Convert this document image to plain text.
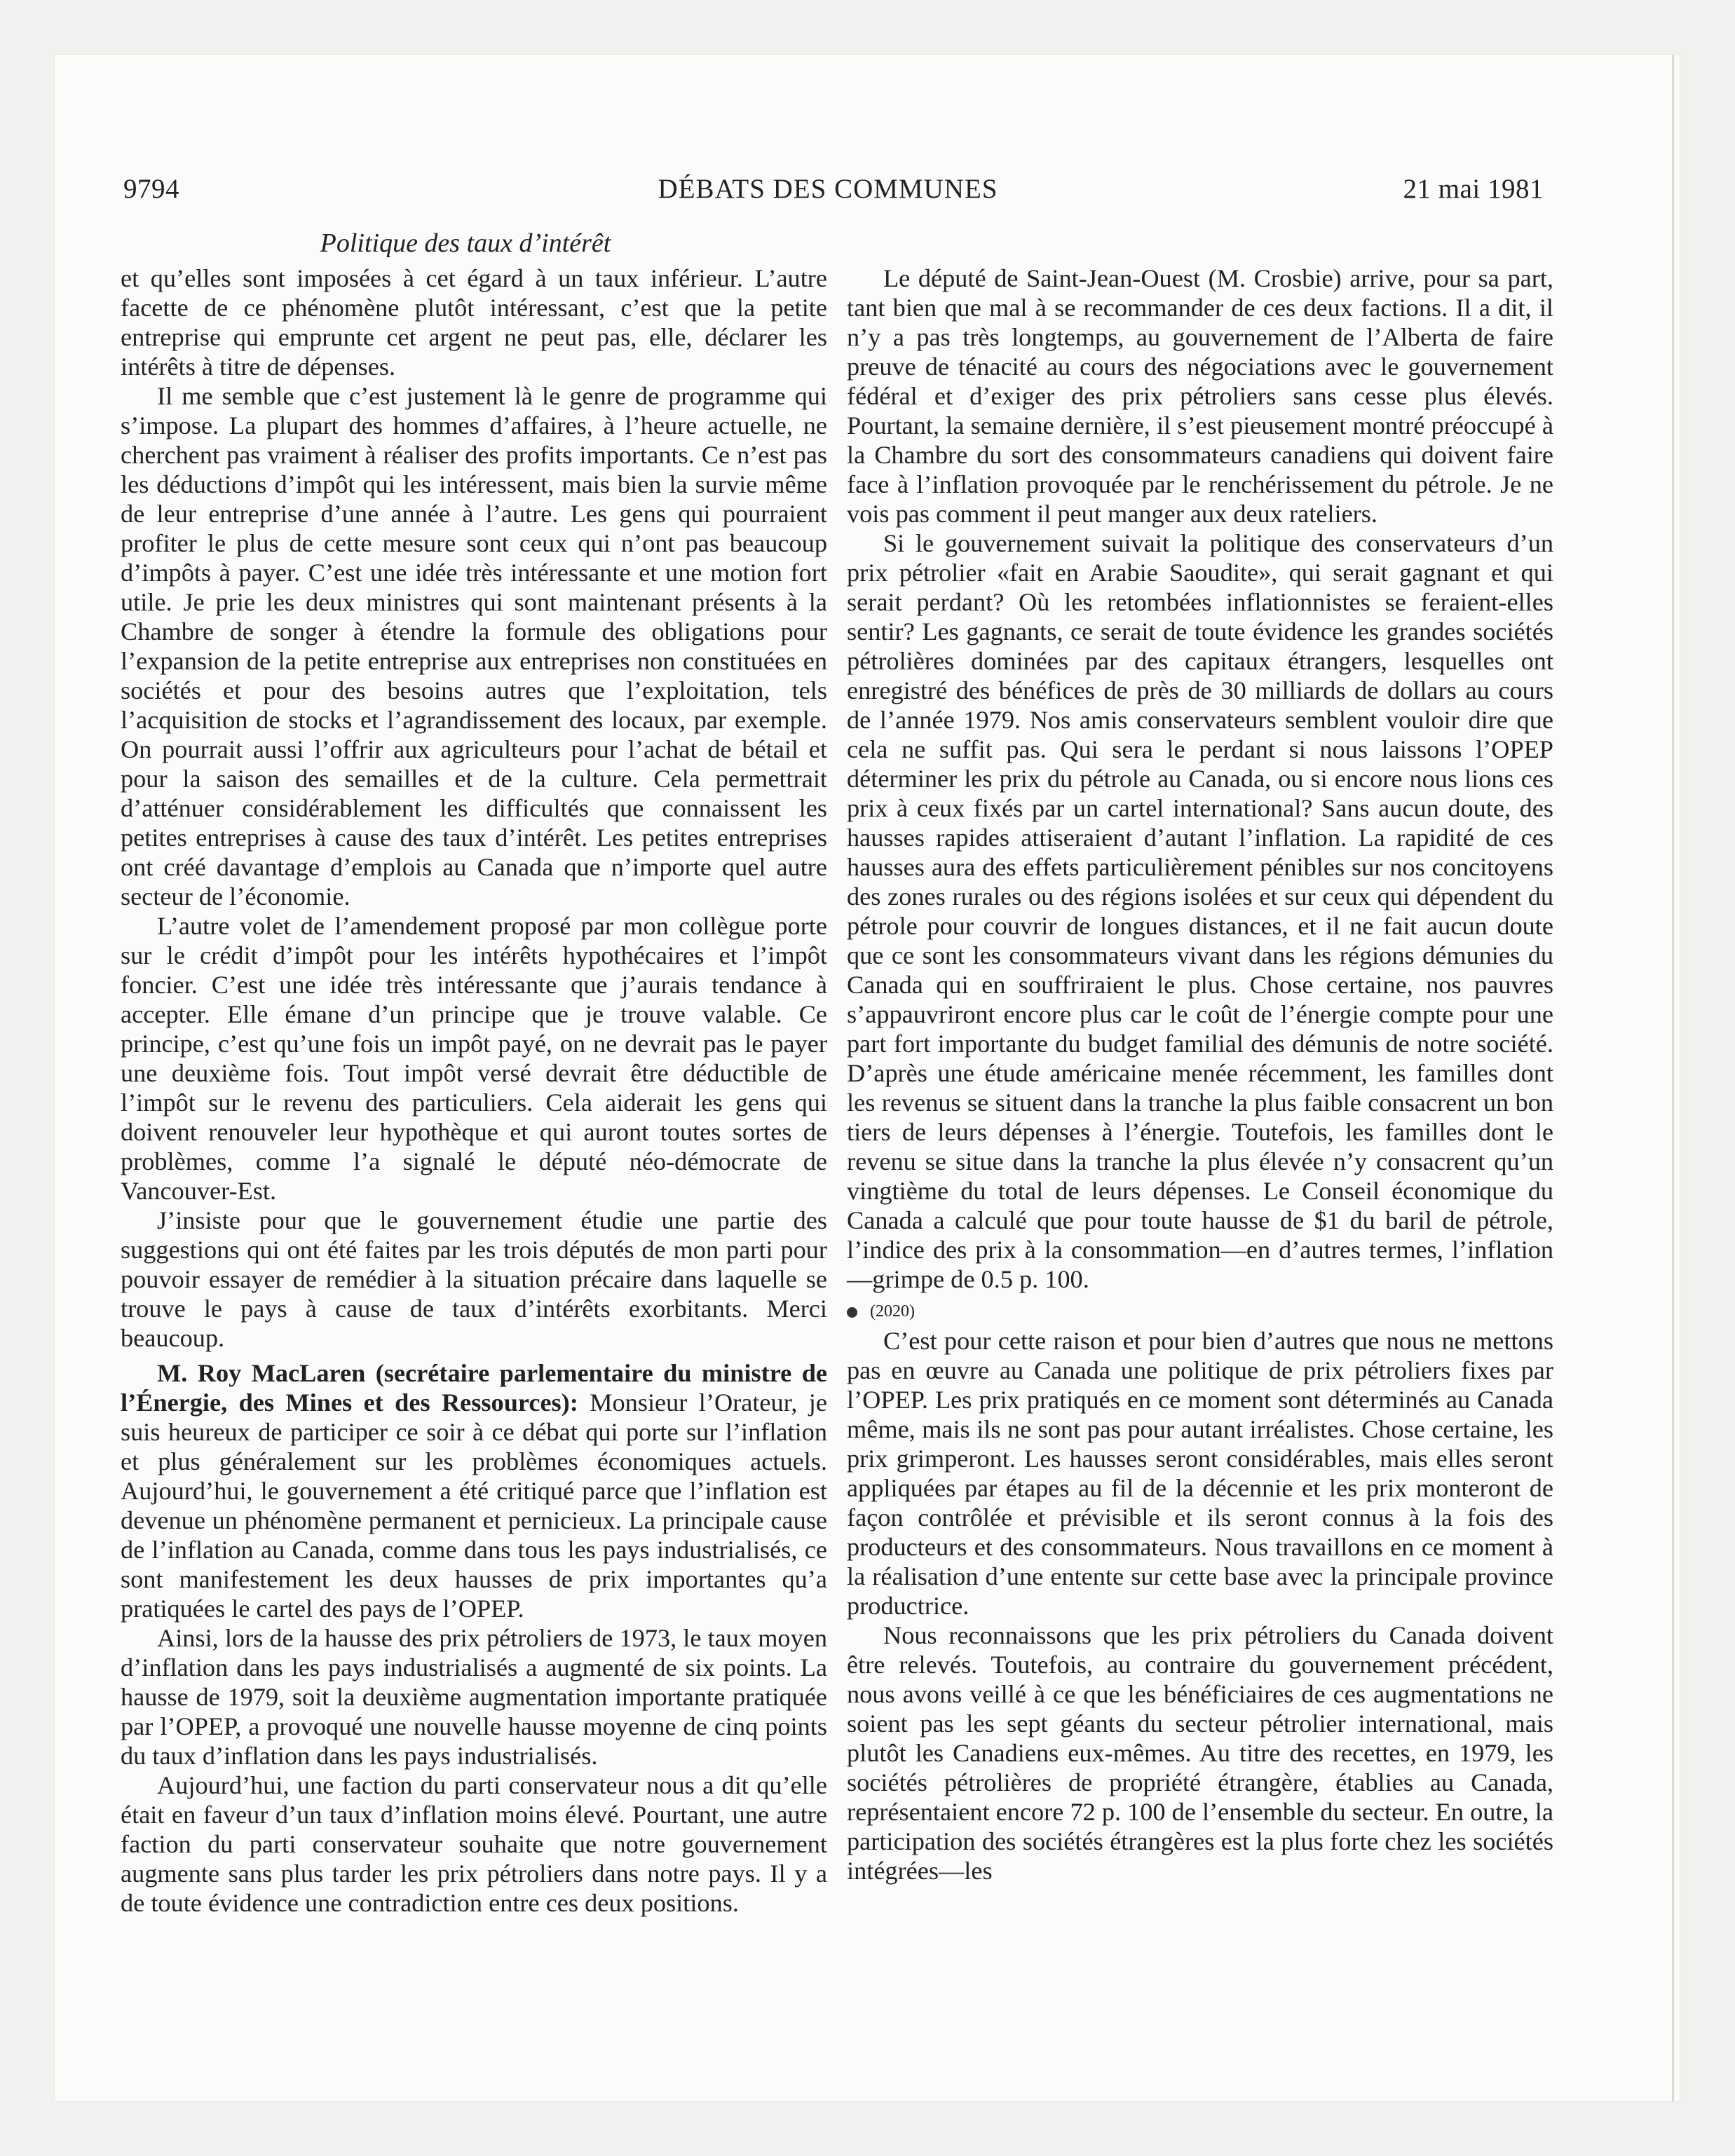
9794	DÉBATS DES COMMUNES	21 mai 1981
Politique des taux d’intérêt

et qu’elles sont imposées à cet égard à un taux inférieur. L’autre facette de ce phénomène plutôt intéressant, c’est que la petite entreprise qui emprunte cet argent ne peut pas, elle, déclarer les intérêts à titre de dépenses.

Il me semble que c’est justement là le genre de programme qui s’impose. La plupart des hommes d’affaires, à l’heure actuelle, ne cherchent pas vraiment à réaliser des profits importants. Ce n’est pas les déductions d’impôt qui les intéressent, mais bien la survie même de leur entreprise d’une année à l’autre. Les gens qui pourraient profiter le plus de cette mesure sont ceux qui n’ont pas beaucoup d’impôts à payer. C’est une idée très intéressante et une motion fort utile. Je prie les deux ministres qui sont maintenant présents à la Chambre de songer à étendre la formule des obligations pour l’expansion de la petite entreprise aux entreprises non constituées en sociétés et pour des besoins autres que l’exploitation, tels l’acquisition de stocks et l’agrandissement des locaux, par exemple. On pourrait aussi l’offrir aux agriculteurs pour l’achat de bétail et pour la saison des semailles et de la culture. Cela permettrait d’atténuer considérablement les difficultés que connaissent les petites entreprises à cause des taux d’intérêt. Les petites entreprises ont créé davantage d’emplois au Canada que n’importe quel autre secteur de l’économie.

L’autre volet de l’amendement proposé par mon collègue porte sur le crédit d’impôt pour les intérêts hypothécaires et l’impôt foncier. C’est une idée très intéressante que j’aurais tendance à accepter. Elle émane d’un principe que je trouve valable. Ce principe, c’est qu’une fois un impôt payé, on ne devrait pas le payer une deuxième fois. Tout impôt versé devrait être déductible de l’impôt sur le revenu des particuliers. Cela aiderait les gens qui doivent renouveler leur hypothèque et qui auront toutes sortes de problèmes, comme l’a signalé le député néo-démocrate de Vancouver-Est.

J’insiste pour que le gouvernement étudie une partie des suggestions qui ont été faites par les trois députés de mon parti pour pouvoir essayer de remédier à la situation précaire dans laquelle se trouve le pays à cause de taux d’intérêts exorbitants. Merci beaucoup.

M. Roy MacLaren (secrétaire parlementaire du ministre de l’Énergie, des Mines et des Ressources): Monsieur l’Orateur, je suis heureux de participer ce soir à ce débat qui porte sur l’inflation et plus généralement sur les problèmes économiques actuels. Aujourd’hui, le gouvernement a été critiqué parce que l’inflation est devenue un phénomène permanent et pernicieux. La principale cause de l’inflation au Canada, comme dans tous les pays industrialisés, ce sont manifestement les deux hausses de prix importantes qu’a pratiquées le cartel des pays de l’OPEP.

Ainsi, lors de la hausse des prix pétroliers de 1973, le taux moyen d’inflation dans les pays industrialisés a augmenté de six points. La hausse de 1979, soit la deuxième augmentation importante pratiquée par l’OPEP, a provoqué une nouvelle hausse moyenne de cinq points du taux d’inflation dans les pays industrialisés.

Aujourd’hui, une faction du parti conservateur nous a dit qu’elle était en faveur d’un taux d’inflation moins élevé. Pourtant, une autre faction du parti conservateur souhaite que notre gouvernement augmente sans plus tarder les prix pétroliers dans notre pays. Il y a de toute évidence une contradiction entre ces deux positions.

Le député de Saint-Jean-Ouest (M. Crosbie) arrive, pour sa part, tant bien que mal à se recommander de ces deux factions. Il a dit, il n’y a pas très longtemps, au gouvernement de l’Alberta de faire preuve de ténacité au cours des négociations avec le gouvernement fédéral et d’exiger des prix pétroliers sans cesse plus élevés. Pourtant, la semaine dernière, il s’est pieusement montré préoccupé à la Chambre du sort des consommateurs canadiens qui doivent faire face à l’inflation provoquée par le renchérissement du pétrole. Je ne vois pas comment il peut manger aux deux rateliers.

Si le gouvernement suivait la politique des conservateurs d’un prix pétrolier «fait en Arabie Saoudite», qui serait gagnant et qui serait perdant? Où les retombées inflationnistes se feraient-elles sentir? Les gagnants, ce serait de toute évidence les grandes sociétés pétrolières dominées par des capitaux étrangers, lesquelles ont enregistré des bénéfices de près de 30 milliards de dollars au cours de l’année 1979. Nos amis conservateurs semblent vouloir dire que cela ne suffit pas. Qui sera le perdant si nous laissons l’OPEP déterminer les prix du pétrole au Canada, ou si encore nous lions ces prix à ceux fixés par un cartel international? Sans aucun doute, des hausses rapides attiseraient d’autant l’inflation. La rapidité de ces hausses aura des effets particulièrement pénibles sur nos concitoyens des zones rurales ou des régions isolées et sur ceux qui dépendent du pétrole pour couvrir de longues distances, et il ne fait aucun doute que ce sont les consommateurs vivant dans les régions démunies du Canada qui en souffriraient le plus. Chose certaine, nos pauvres s’appauvriront encore plus car le coût de l’énergie compte pour une part fort importante du budget familial des démunis de notre société. D’après une étude américaine menée récemment, les familles dont les revenus se situent dans la tranche la plus faible consacrent un bon tiers de leurs dépenses à l’énergie. Toutefois, les familles dont le revenu se situe dans la tranche la plus élevée n’y consacrent qu’un vingtième du total de leurs dépenses. Le Conseil économique du Canada a calculé que pour toute hausse de $1 du baril de pétrole, l’indice des prix à la consommation—en d’autres termes, l’inflation—grimpe de 0.5 p. 100.

(2020)

C’est pour cette raison et pour bien d’autres que nous ne mettons pas en œuvre au Canada une politique de prix pétroliers fixes par l’OPEP. Les prix pratiqués en ce moment sont déterminés au Canada même, mais ils ne sont pas pour autant irréalistes. Chose certaine, les prix grimperont. Les hausses seront considérables, mais elles seront appliquées par étapes au fil de la décennie et les prix monteront de façon contrôlée et prévisible et ils seront connus à la fois des producteurs et des consommateurs. Nous travaillons en ce moment à la réalisation d’une entente sur cette base avec la principale province productrice.

Nous reconnaissons que les prix pétroliers du Canada doivent être relevés. Toutefois, au contraire du gouvernement précédent, nous avons veillé à ce que les bénéficiaires de ces augmentations ne soient pas les sept géants du secteur pétrolier international, mais plutôt les Canadiens eux-mêmes. Au titre des recettes, en 1979, les sociétés pétrolières de propriété étrangère, établies au Canada, représentaient encore 72 p. 100 de l’ensemble du secteur. En outre, la participation des sociétés étrangères est la plus forte chez les sociétés intégrées—les
